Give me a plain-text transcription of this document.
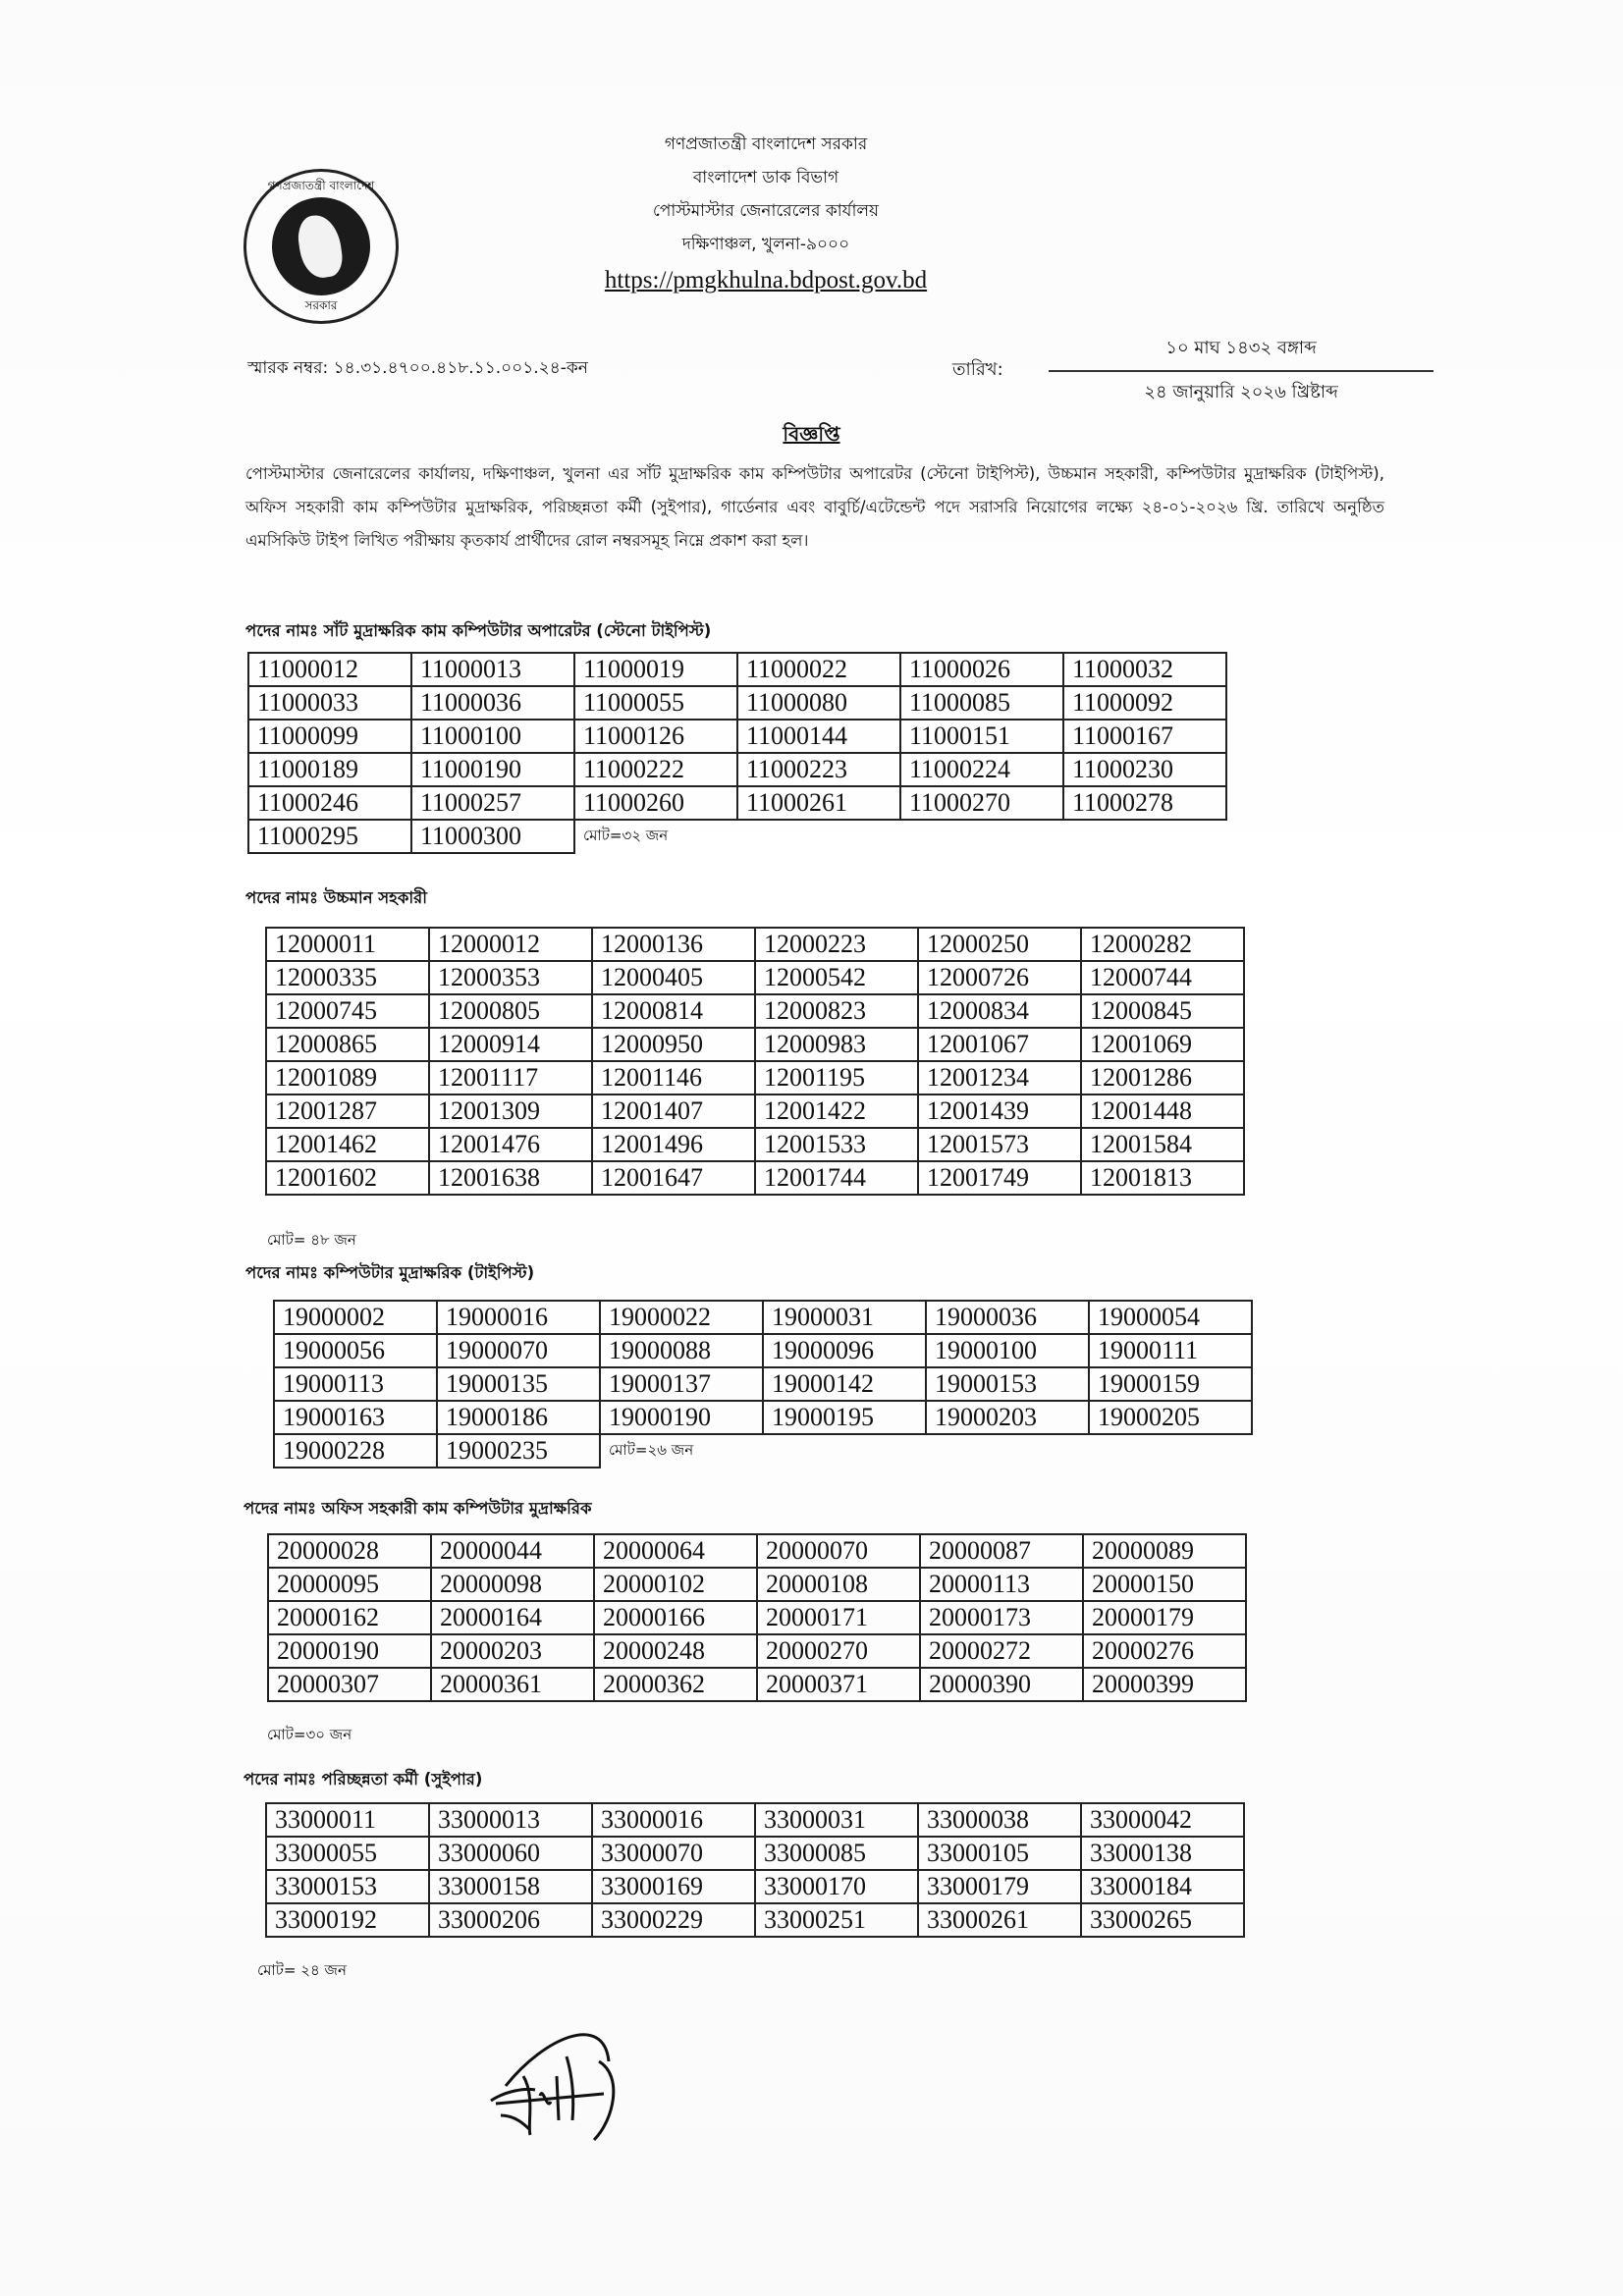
গণপ্রজাতন্ত্রী বাংলাদেশ
সরকার
গণপ্রজাতন্ত্রী বাংলাদেশ সরকার
বাংলাদেশ ডাক বিভাগ
পোস্টমাস্টার জেনারেলের কার্যালয়
দক্ষিণাঞ্চল, খুলনা-৯০০০
https://pmgkhulna.bdpost.gov.bd
স্মারক নম্বর: ১৪.৩১.৪৭০০.৪১৮.১১.০০১.২৪-কন	তারিখ:
১০ মাঘ ১৪৩২ বঙ্গাব্দ
২৪ জানুয়ারি ২০২৬ খ্রিষ্টাব্দ
বিজ্ঞপ্তি
পোস্টমাস্টার জেনারেলের কার্যালয়, দক্ষিণাঞ্চল, খুলনা এর সাঁট মুদ্রাক্ষরিক কাম কম্পিউটার অপারেটর (স্টেনো টাইপিস্ট), উচ্চমান সহকারী, কম্পিউটার মুদ্রাক্ষরিক (টাইপিস্ট), অফিস সহকারী কাম কম্পিউটার মুদ্রাক্ষরিক, পরিচ্ছন্নতা কর্মী (সুইপার), গার্ডেনার এবং বাবুর্চি/এটেন্ডেন্ট পদে সরাসরি নিয়োগের লক্ষ্যে ২৪-০১-২০২৬ খ্রি. তারিখে অনুষ্ঠিত এমসিকিউ টাইপ লিখিত পরীক্ষায় কৃতকার্য প্রার্থীদের রোল নম্বরসমূহ নিম্নে প্রকাশ করা হল।
পদের নামঃ সাঁট মুদ্রাক্ষরিক কাম কম্পিউটার অপারেটর (স্টেনো টাইপিস্ট)
11000012	11000013	11000019	11000022	11000026	11000032
11000033	11000036	11000055	11000080	11000085	11000092
11000099	11000100	11000126	11000144	11000151	11000167
11000189	11000190	11000222	11000223	11000224	11000230
11000246	11000257	11000260	11000261	11000270	11000278
11000295	11000300	মোট=৩২ জন			
পদের নামঃ উচ্চমান সহকারী
12000011	12000012	12000136	12000223	12000250	12000282
12000335	12000353	12000405	12000542	12000726	12000744
12000745	12000805	12000814	12000823	12000834	12000845
12000865	12000914	12000950	12000983	12001067	12001069
12001089	12001117	12001146	12001195	12001234	12001286
12001287	12001309	12001407	12001422	12001439	12001448
12001462	12001476	12001496	12001533	12001573	12001584
12001602	12001638	12001647	12001744	12001749	12001813
মোট= ৪৮ জন
পদের নামঃ কম্পিউটার মুদ্রাক্ষরিক (টাইপিস্ট)
19000002	19000016	19000022	19000031	19000036	19000054
19000056	19000070	19000088	19000096	19000100	19000111
19000113	19000135	19000137	19000142	19000153	19000159
19000163	19000186	19000190	19000195	19000203	19000205
19000228	19000235	মোট=২৬ জন			
পদের নামঃ অফিস সহকারী কাম কম্পিউটার মুদ্রাক্ষরিক
20000028	20000044	20000064	20000070	20000087	20000089
20000095	20000098	20000102	20000108	20000113	20000150
20000162	20000164	20000166	20000171	20000173	20000179
20000190	20000203	20000248	20000270	20000272	20000276
20000307	20000361	20000362	20000371	20000390	20000399
মোট=৩০ জন
পদের নামঃ পরিচ্ছন্নতা কর্মী (সুইপার)
33000011	33000013	33000016	33000031	33000038	33000042
33000055	33000060	33000070	33000085	33000105	33000138
33000153	33000158	33000169	33000170	33000179	33000184
33000192	33000206	33000229	33000251	33000261	33000265
মোট= ২৪ জন
